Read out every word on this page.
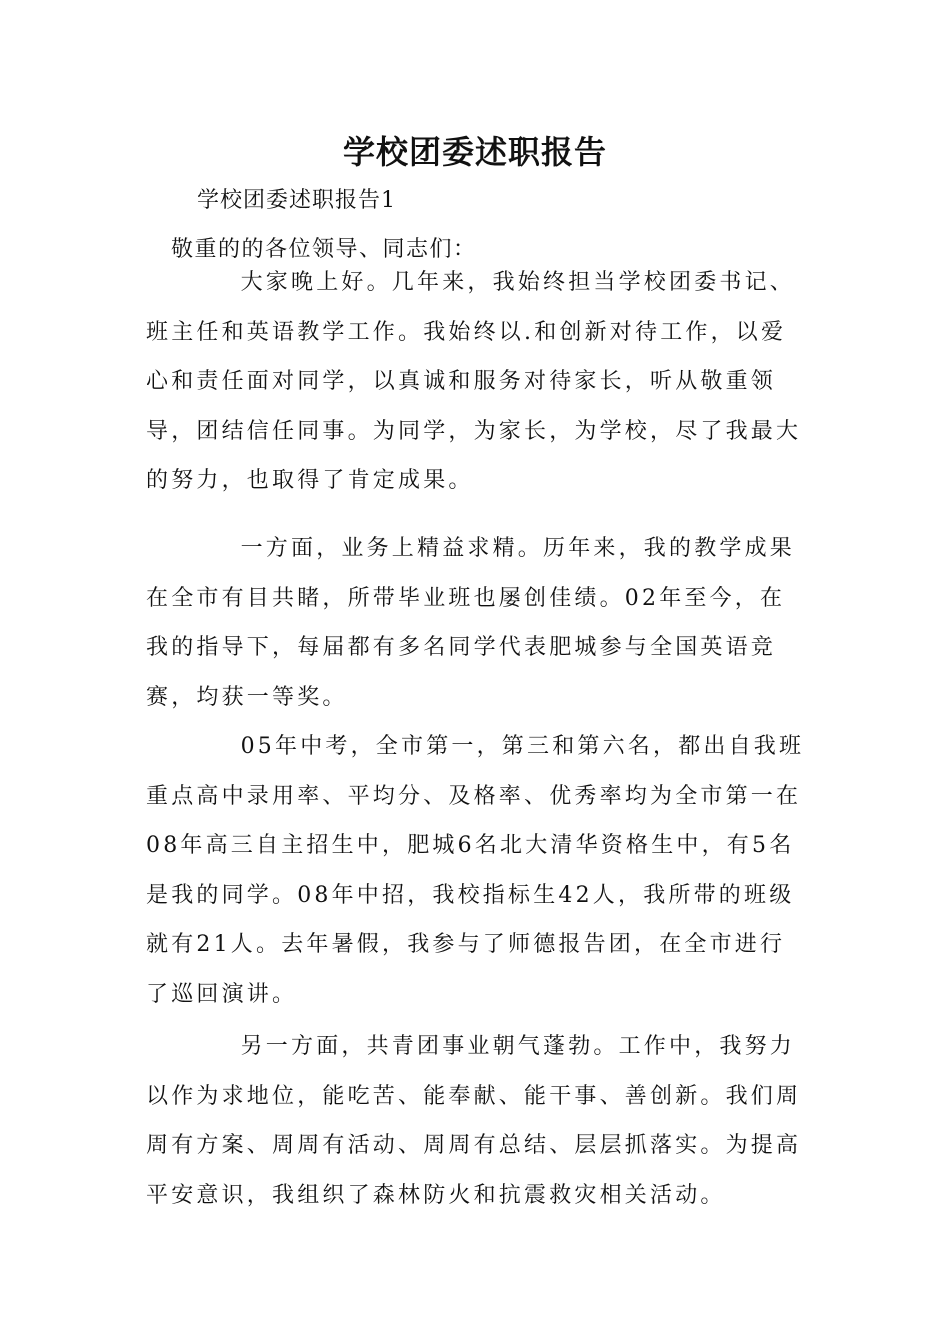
学校团委述职报告

学校团委述职报告1

敬重的的各位领导、同志们：

大家晚上好。几年来，我始终担当学校团委书记、班主任和英语教学工作。我始终以.和创新对待工作，以爱心和责任面对同学，以真诚和服务对待家长，听从敬重领导，团结信任同事。为同学，为家长，为学校，尽了我最大的努力，也取得了肯定成果。

一方面，业务上精益求精。历年来，我的教学成果在全市有目共睹，所带毕业班也屡创佳绩。02年至今，在我的指导下，每届都有多名同学代表肥城参与全国英语竞赛，均获一等奖。

05年中考，全市第一，第三和第六名，都出自我班重点高中录用率、平均分、及格率、优秀率均为全市第一在08年高三自主招生中，肥城6名北大清华资格生中，有5名是我的同学。08年中招，我校指标生42人，我所带的班级就有21人。去年暑假，我参与了师德报告团，在全市进行了巡回演讲。

另一方面，共青团事业朝气蓬勃。工作中，我努力以作为求地位，能吃苦、能奉献、能干事、善创新。我们周周有方案、周周有活动、周周有总结、层层抓落实。为提高平安意识，我组织了森林防火和抗震救灾相关活动。
